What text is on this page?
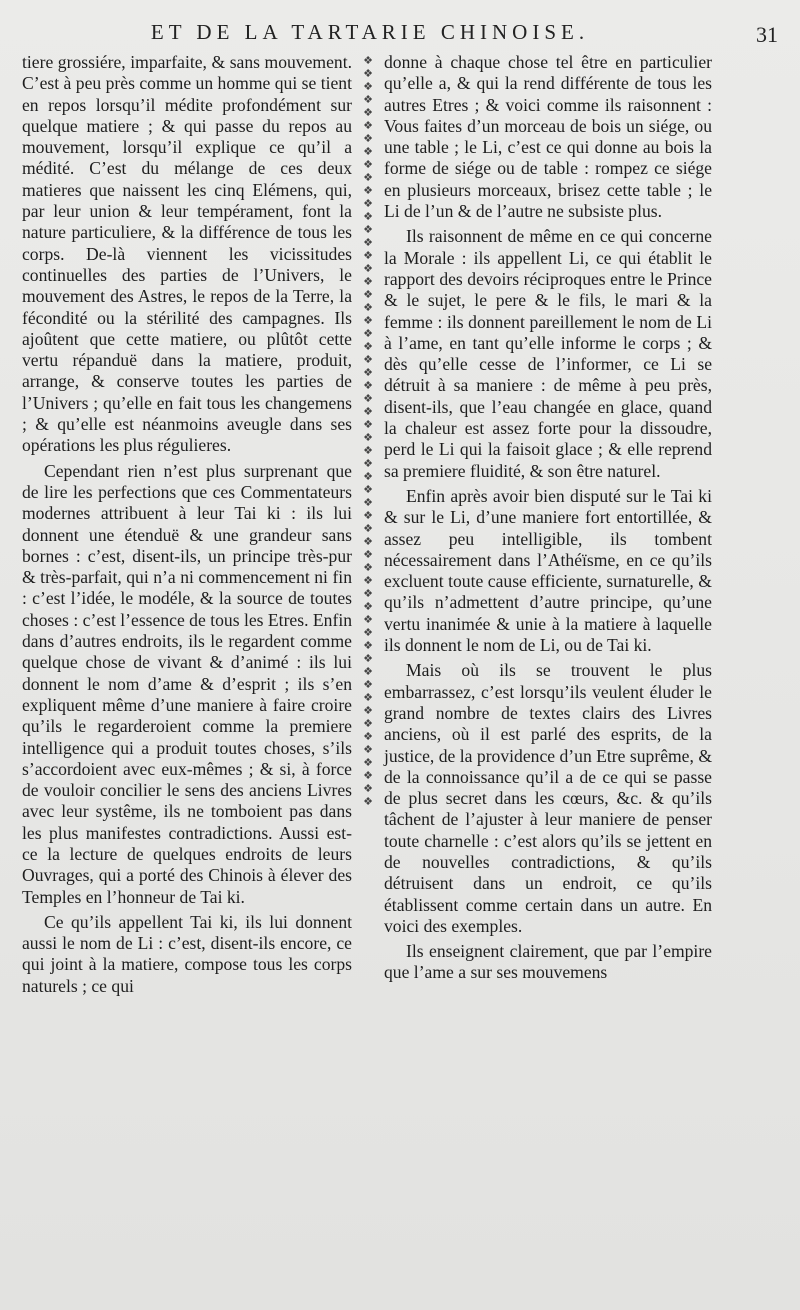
ET DE LA TARTARIE CHINOISE.	31

tiere grossiére, imparfaite, & sans mouvement. C’est à peu près comme un homme qui se tient en repos lorsqu’il médite profondément sur quelque matiere ; & qui passe du repos au mouvement, lorsqu’il explique ce qu’il a médité. C’est du mélange de ces deux matieres que naissent les cinq Elémens, qui, par leur union & leur tempérament, font la nature particuliere, & la différence de tous les corps. De-là viennent les vicissitudes continuelles des parties de l’Univers, le mouvement des Astres, le repos de la Terre, la fécondité ou la stérilité des campagnes. Ils ajoûtent que cette matiere, ou plûtôt cette vertu répanduë dans la matiere, produit, arrange, & conserve toutes les parties de l’Univers ; qu’elle en fait tous les changemens ; & qu’elle est néanmoins aveugle dans ses opérations les plus régulieres.

Cependant rien n’est plus surprenant que de lire les perfections que ces Commentateurs modernes attribuent à leur Tai ki : ils lui donnent une étenduë & une grandeur sans bornes : c’est, disent-ils, un principe très-pur & très-parfait, qui n’a ni commencement ni fin : c’est l’idée, le modéle, & la source de toutes choses : c’est l’essence de tous les Etres. Enfin dans d’autres endroits, ils le regardent comme quelque chose de vivant & d’animé : ils lui donnent le nom d’ame & d’esprit ; ils s’en expliquent même d’une maniere à faire croire qu’ils le regarderoient comme la premiere intelligence qui a produit toutes choses, s’ils s’accordoient avec eux-mêmes ; & si, à force de vouloir concilier le sens des anciens Livres avec leur systême, ils ne tomboient pas dans les plus manifestes contradictions. Aussi est-ce la lecture de quelques endroits de leurs Ouvrages, qui a porté des Chinois à élever des Temples en l’honneur de Tai ki.

Ce qu’ils appellent Tai ki, ils lui donnent aussi le nom de Li : c’est, disent-ils encore, ce qui joint à la matiere, compose tous les corps naturels ; ce qui

❖
❖
❖
❖
❖
❖
❖
❖
❖
❖
❖
❖
❖
❖
❖
❖
❖
❖
❖
❖
❖
❖
❖
❖
❖
❖
❖
❖
❖
❖
❖
❖
❖
❖
❖
❖
❖
❖
❖
❖
❖
❖
❖
❖
❖
❖
❖
❖
❖
❖
❖
❖
❖
❖
❖
❖
❖
❖

donne à chaque chose tel être en particulier qu’elle a, & qui la rend différente de tous les autres Etres ; & voici comme ils raisonnent : Vous faites d’un morceau de bois un siége, ou une table ; le Li, c’est ce qui donne au bois la forme de siége ou de table : rompez ce siége en plusieurs morceaux, brisez cette table ; le Li de l’un & de l’autre ne subsiste plus.

Ils raisonnent de même en ce qui concerne la Morale : ils appellent Li, ce qui établit le rapport des devoirs réciproques entre le Prince & le sujet, le pere & le fils, le mari & la femme : ils donnent pareillement le nom de Li à l’ame, en tant qu’elle informe le corps ; & dès qu’elle cesse de l’informer, ce Li se détruit à sa maniere : de même à peu près, disent-ils, que l’eau changée en glace, quand la chaleur est assez forte pour la dissoudre, perd le Li qui la faisoit glace ; & elle reprend sa premiere fluidité, & son être naturel.

Enfin après avoir bien disputé sur le Tai ki & sur le Li, d’une maniere fort entortillée, & assez peu intelligible, ils tombent nécessairement dans l’Athéïsme, en ce qu’ils excluent toute cause efficiente, surnaturelle, & qu’ils n’admettent d’autre principe, qu’une vertu inanimée & unie à la matiere à laquelle ils donnent le nom de Li, ou de Tai ki.

Mais où ils se trouvent le plus embarrassez, c’est lorsqu’ils veulent éluder le grand nombre de textes clairs des Livres anciens, où il est parlé des esprits, de la justice, de la providence d’un Etre suprême, & de la connoissance qu’il a de ce qui se passe de plus secret dans les cœurs, &c. & qu’ils tâchent de l’ajuster à leur maniere de penser toute charnelle : c’est alors qu’ils se jettent en de nouvelles contradictions, & qu’ils détruisent dans un endroit, ce qu’ils établissent comme certain dans un autre. En voici des exemples.

Ils enseignent clairement, que par l’empire que l’ame a sur ses mouvemens
